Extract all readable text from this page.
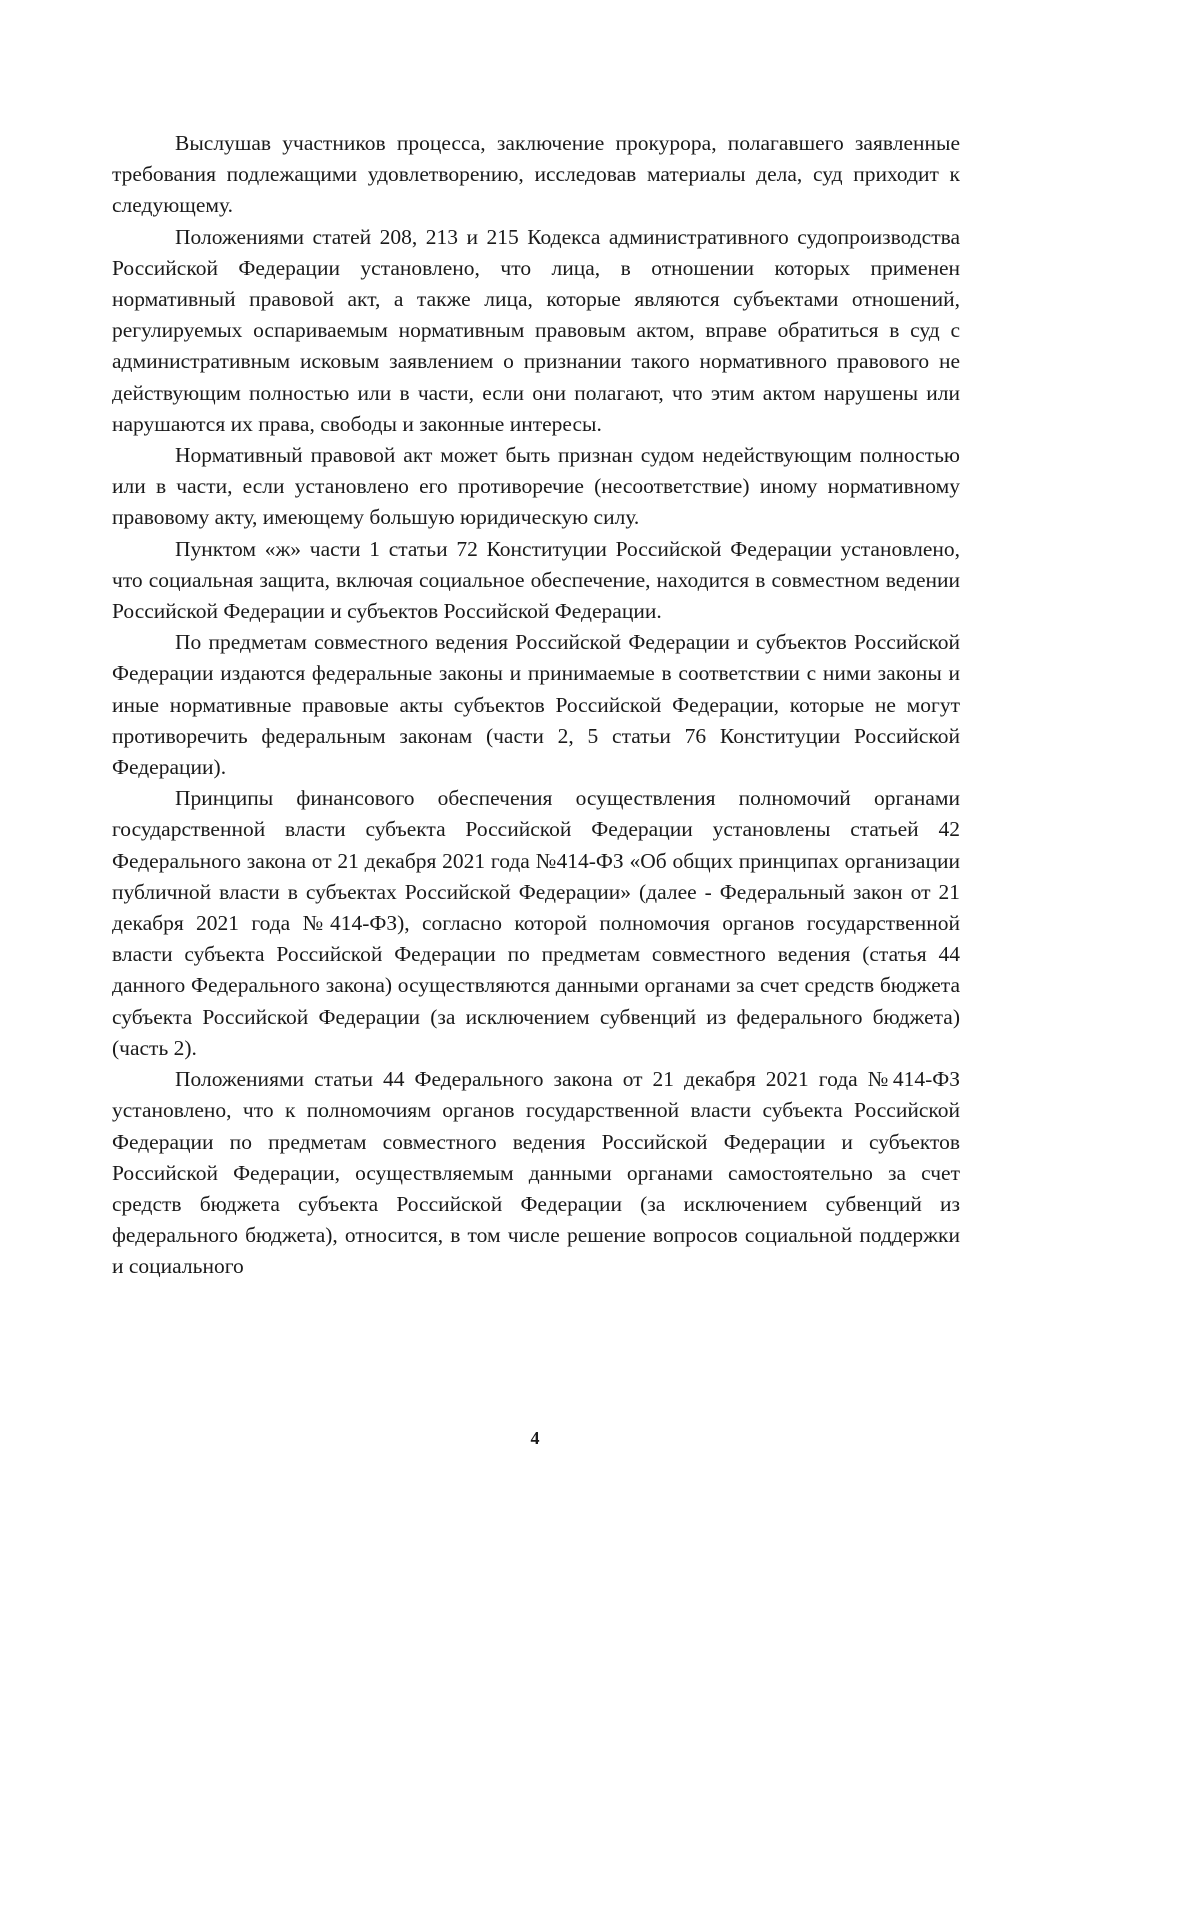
Выслушав участников процесса, заключение прокурора, полагавшего заявленные требования подлежащими удовлетворению, исследовав материалы дела, суд приходит к следующему.

Положениями статей 208, 213 и 215 Кодекса административного судопроизводства Российской Федерации установлено, что лица, в отношении которых применен нормативный правовой акт, а также лица, которые являются субъектами отношений, регулируемых оспариваемым нормативным правовым актом, вправе обратиться в суд с административным исковым заявлением о признании такого нормативного правового не действующим полностью или в части, если они полагают, что этим актом нарушены или нарушаются их права, свободы и законные интересы.

Нормативный правовой акт может быть признан судом недействующим полностью или в части, если установлено его противоречие (несоответствие) иному нормативному правовому акту, имеющему большую юридическую силу.

Пунктом «ж» части 1 статьи 72 Конституции Российской Федерации установлено, что социальная защита, включая социальное обеспечение, находится в совместном ведении Российской Федерации и субъектов Российской Федерации.

По предметам совместного ведения Российской Федерации и субъектов Российской Федерации издаются федеральные законы и принимаемые в соответствии с ними законы и иные нормативные правовые акты субъектов Российской Федерации, которые не могут противоречить федеральным законам (части 2, 5 статьи 76 Конституции Российской Федерации).

Принципы финансового обеспечения осуществления полномочий органами государственной власти субъекта Российской Федерации установлены статьей 42 Федерального закона от 21 декабря 2021 года №414-ФЗ «Об общих принципах организации публичной власти в субъектах Российской Федерации» (далее - Федеральный закон от 21 декабря 2021 года №414-ФЗ), согласно которой полномочия органов государственной власти субъекта Российской Федерации по предметам совместного ведения (статья 44 данного Федерального закона) осуществляются данными органами за счет средств бюджета субъекта Российской Федерации (за исключением субвенций из федерального бюджета) (часть 2).

Положениями статьи 44 Федерального закона от 21 декабря 2021 года №414-ФЗ установлено, что к полномочиям органов государственной власти субъекта Российской Федерации по предметам совместного ведения Российской Федерации и субъектов Российской Федерации, осуществляемым данными органами самостоятельно за счет средств бюджета субъекта Российской Федерации (за исключением субвенций из федерального бюджета), относится, в том числе решение вопросов социальной поддержки и социального

4
